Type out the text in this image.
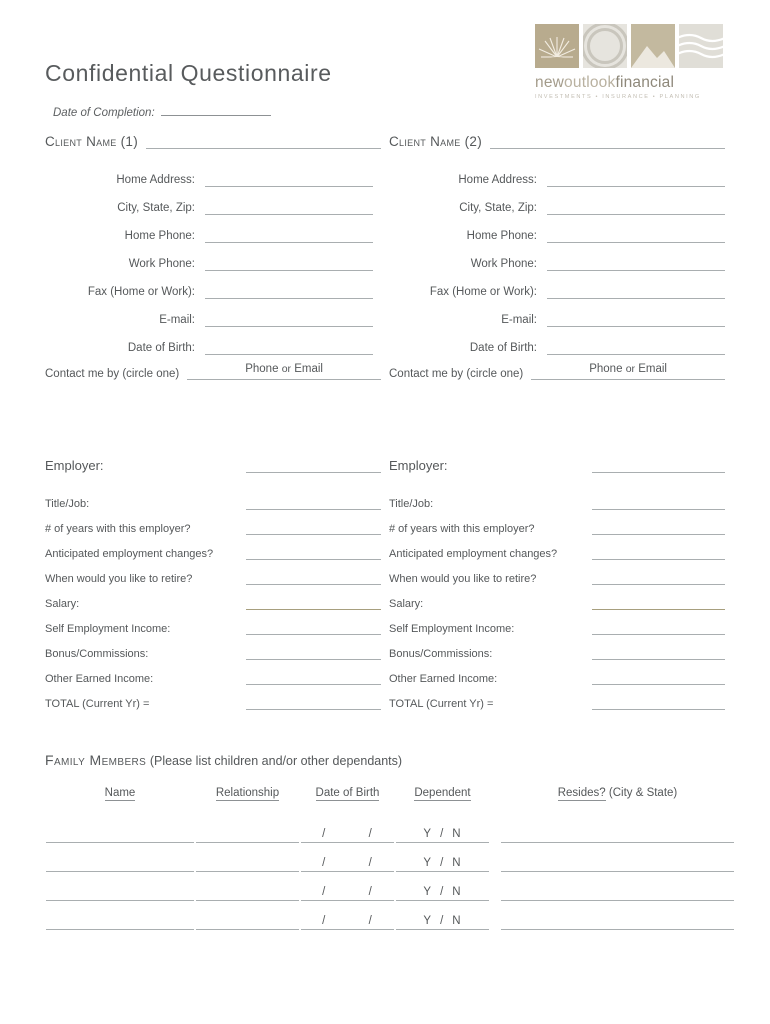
Confidential Questionnaire
Date of Completion:
newoutlookfinancial
INVESTMENTS • INSURANCE • PLANNING
Client Name (1)
Home Address:
City, State, Zip:
Home Phone:
Work Phone:
Fax (Home or Work):
E-mail:
Date of Birth:
Contact me by (circle one)	Phone or Email
Client Name (2)
Home Address:
City, State, Zip:
Home Phone:
Work Phone:
Fax (Home or Work):
E-mail:
Date of Birth:
Contact me by (circle one)	Phone or Email
Employer:
Title/Job:
# of years with this employer?
Anticipated employment changes?
When would you like to retire?
Salary:
Self Employment Income:
Bonus/Commissions:
Other Earned Income:
TOTAL (Current Yr) =
Employer:
Title/Job:
# of years with this employer?
Anticipated employment changes?
When would you like to retire?
Salary:
Self Employment Income:
Bonus/Commissions:
Other Earned Income:
TOTAL (Current Yr) =
Family Members (Please list children and/or other dependants)
Name	Relationship	Date of Birth	Dependent		Resides? (City & State)

		/ /	Y / N		

		/ /	Y / N		

		/ /	Y / N		

		/ /	Y / N		
